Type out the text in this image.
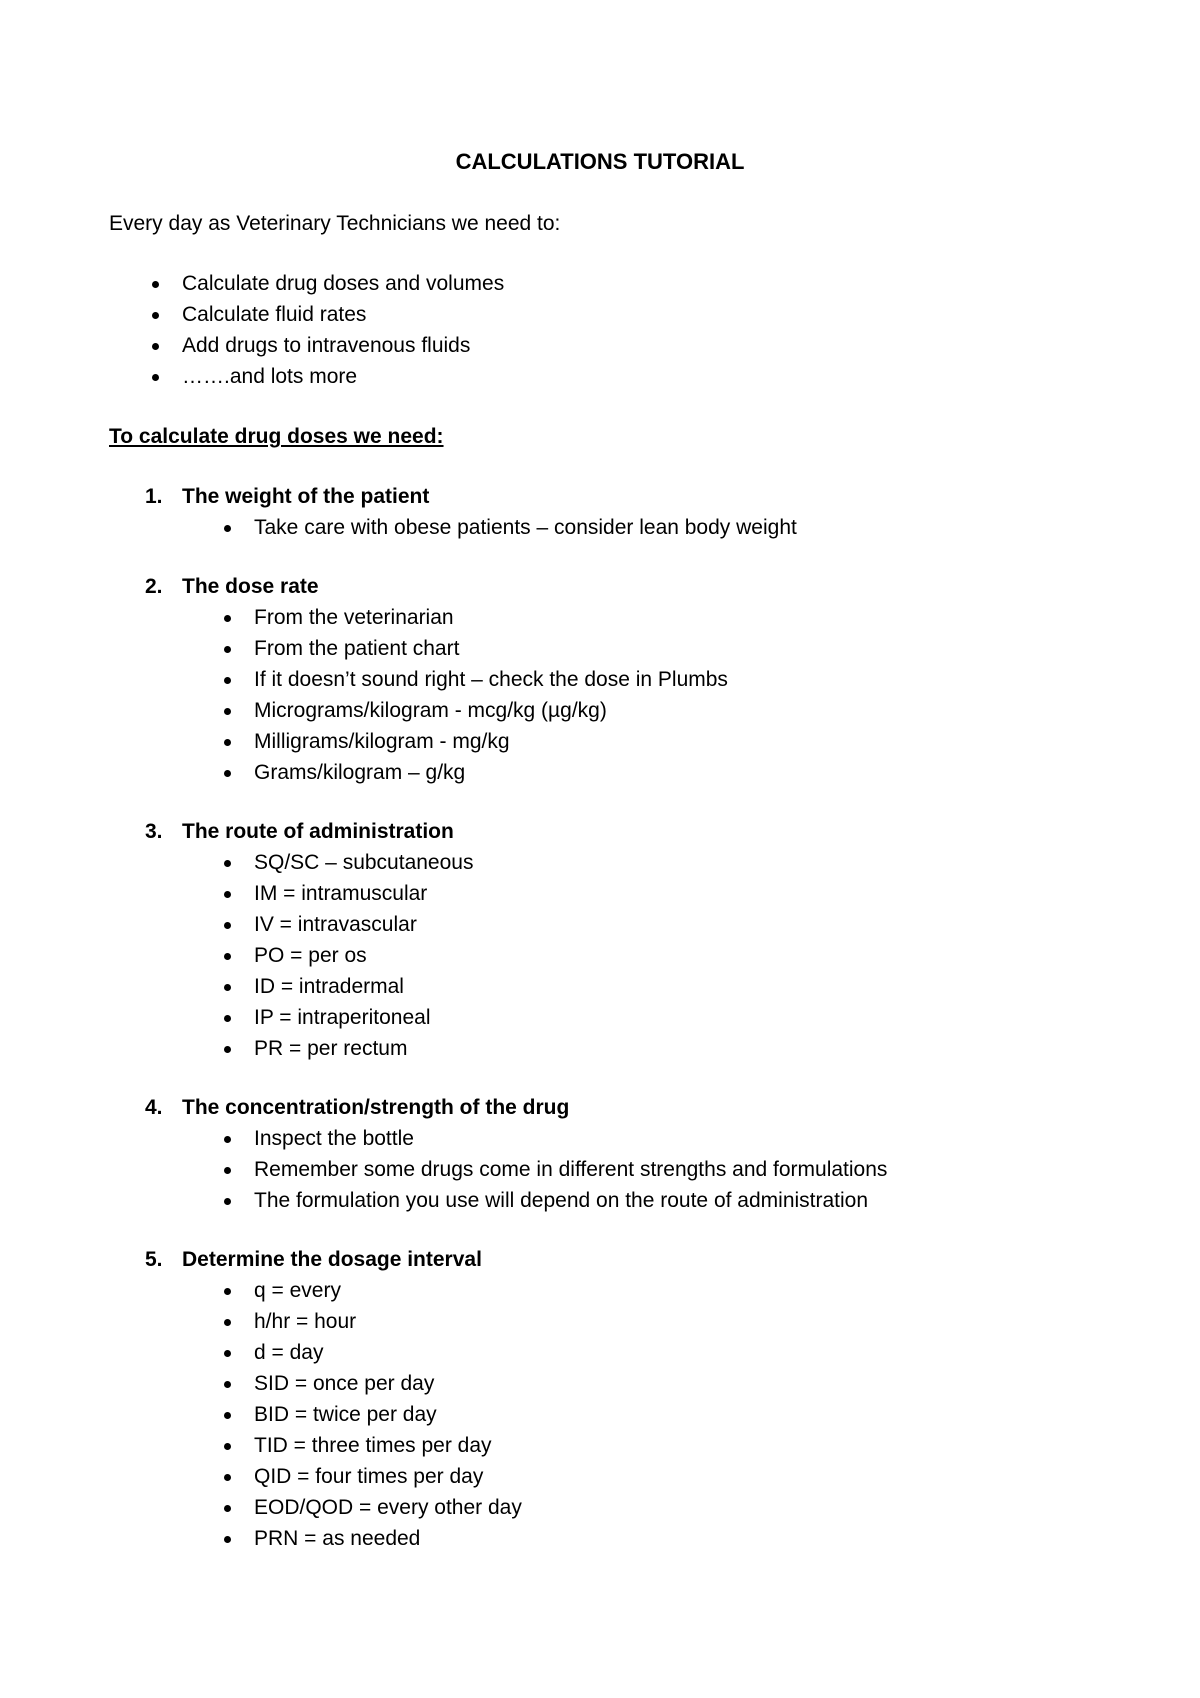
CALCULATIONS TUTORIAL
Every day as Veterinary Technicians we need to:
Calculate drug doses and volumes
Calculate fluid rates
Add drugs to intravenous fluids
…….and lots more
To calculate drug doses we need:
1. The weight of the patient
Take care with obese patients – consider lean body weight
2. The dose rate
From the veterinarian
From the patient chart
If it doesn’t sound right – check the dose in Plumbs
Micrograms/kilogram - mcg/kg (µg/kg)
Milligrams/kilogram - mg/kg
Grams/kilogram – g/kg
3. The route of administration
SQ/SC – subcutaneous
IM = intramuscular
IV = intravascular
PO = per os
ID = intradermal
IP = intraperitoneal
PR = per rectum
4. The concentration/strength of the drug
Inspect the bottle
Remember some drugs come in different strengths and formulations
The formulation you use will depend on the route of administration
5. Determine the dosage interval
q = every
h/hr = hour
d = day
SID = once per day
BID = twice per day
TID = three times per day
QID = four times per day
EOD/QOD = every other day
PRN = as needed
